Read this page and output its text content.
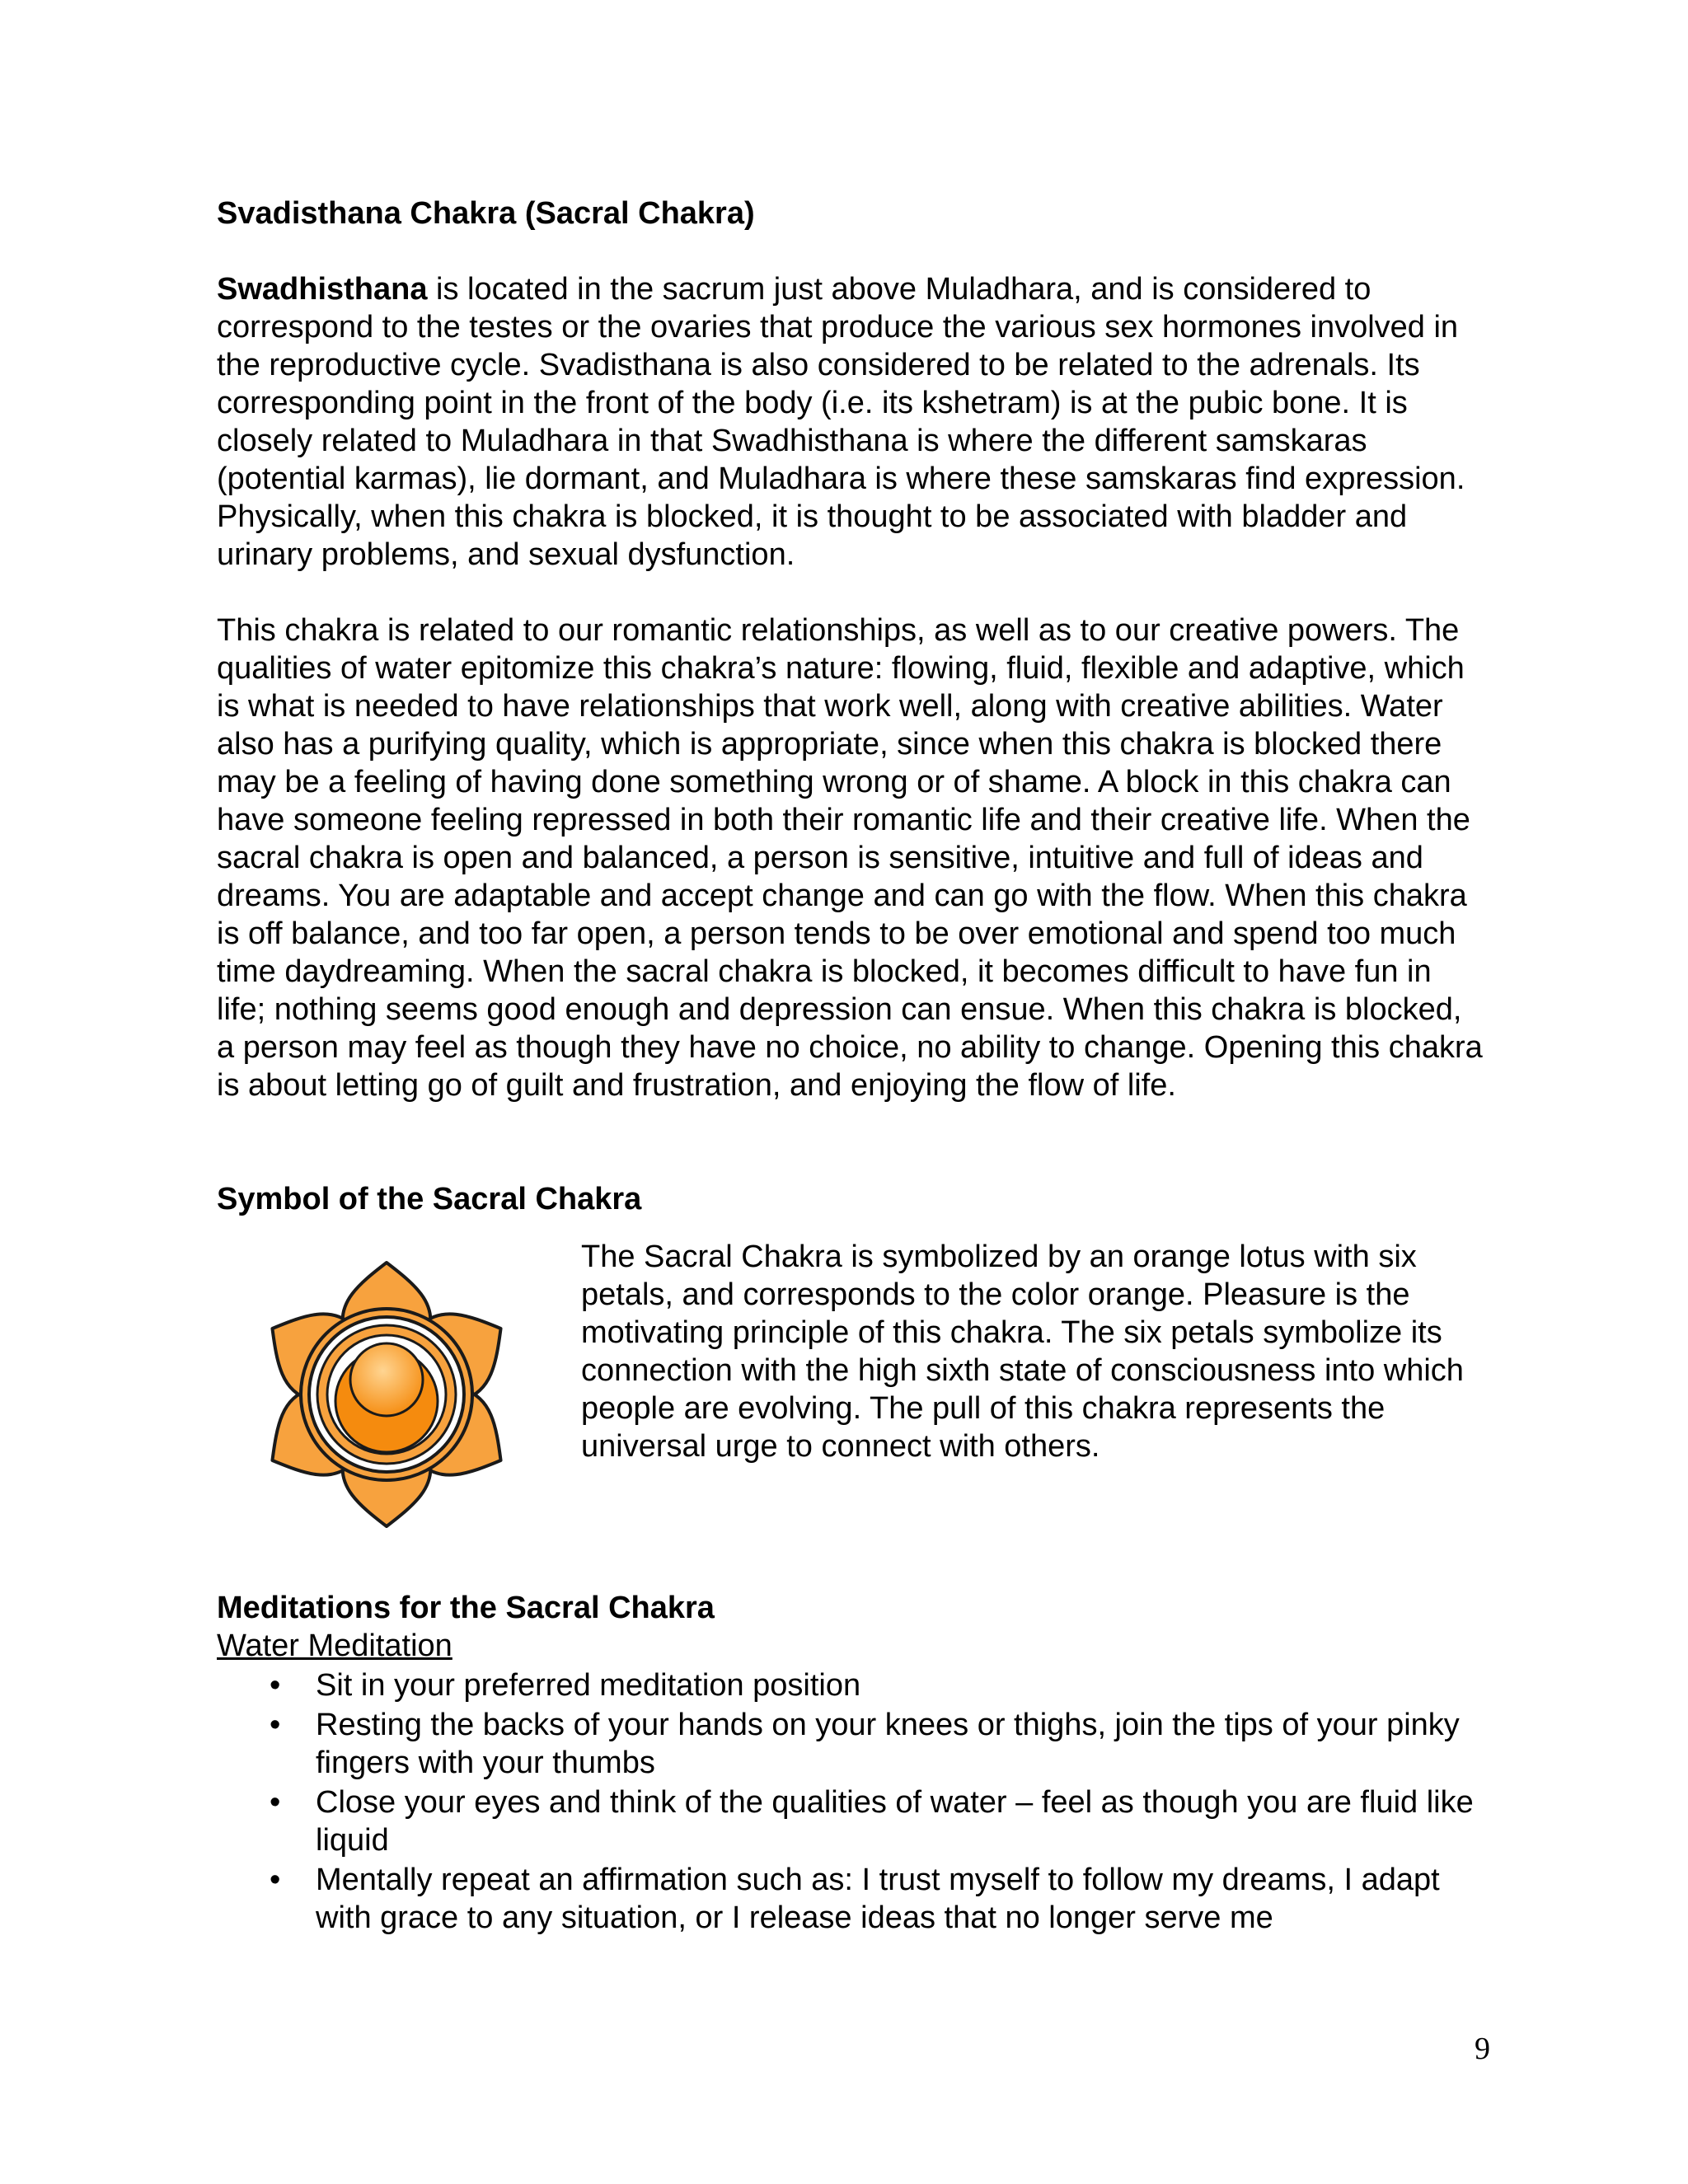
Svadisthana Chakra (Sacral Chakra)

Swadhisthana is located in the sacrum just above Muladhara, and is considered to correspond to the testes or the ovaries that produce the various sex hormones involved in the reproductive cycle. Svadisthana is also considered to be related to the adrenals. Its corresponding point in the front of the body (i.e. its kshetram) is at the pubic bone. It is closely related to Muladhara in that Swadhisthana is where the different samskaras (potential karmas), lie dormant, and Muladhara is where these samskaras find expression. Physically, when this chakra is blocked, it is thought to be associated with bladder and urinary problems, and sexual dysfunction.

This chakra is related to our romantic relationships, as well as to our creative powers. The qualities of water epitomize this chakra’s nature: flowing, fluid, flexible and adaptive, which is what is needed to have relationships that work well, along with creative abilities. Water also has a purifying quality, which is appropriate, since when this chakra is blocked there may be a feeling of having done something wrong or of shame. A block in this chakra can have someone feeling repressed in both their romantic life and their creative life. When the sacral chakra is open and balanced, a person is sensitive, intuitive and full of ideas and dreams. You are adaptable and accept change and can go with the flow. When this chakra is off balance, and too far open, a person tends to be over emotional and spend too much time daydreaming. When the sacral chakra is blocked, it becomes difficult to have fun in life; nothing seems good enough and depression can ensue. When this chakra is blocked, a person may feel as though they have no choice, no ability to change. Opening this chakra is about letting go of guilt and frustration, and enjoying the flow of life.

Symbol of the Sacral Chakra

The Sacral Chakra is symbolized by an orange lotus with six petals, and corresponds to the color orange. Pleasure is the motivating principle of this chakra. The six petals symbolize its connection with the high sixth state of consciousness into which people are evolving. The pull of this chakra represents the universal urge to connect with others.

Meditations for the Sacral Chakra

Water Meditation

• Sit in your preferred meditation position
• Resting the backs of your hands on your knees or thighs, join the tips of your pinky fingers with your thumbs
• Close your eyes and think of the qualities of water – feel as though you are fluid like liquid
• Mentally repeat an affirmation such as: I trust myself to follow my dreams, I adapt with grace to any situation, or I release ideas that no longer serve me
9
